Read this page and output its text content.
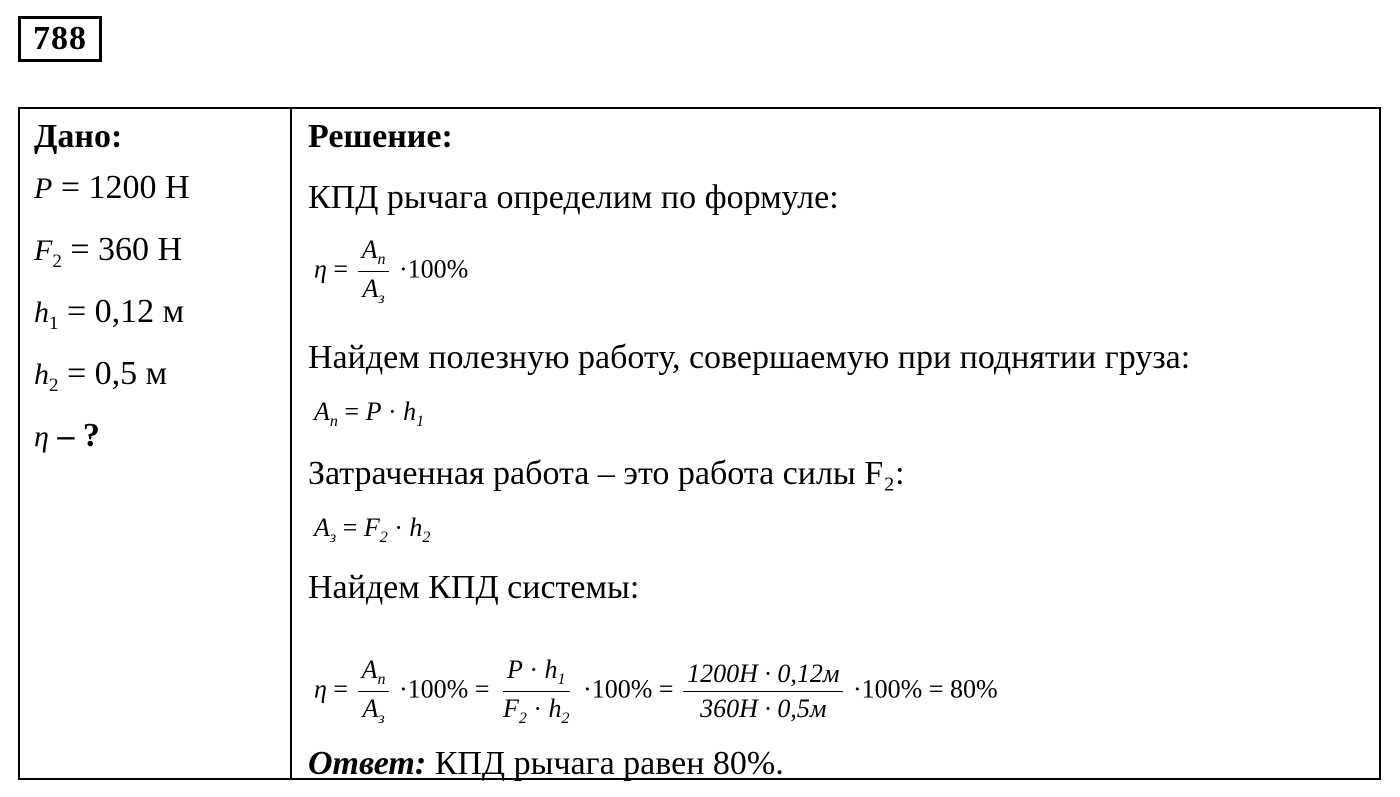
788
Дано:
P = 1200 Н
$F_2 = 360$ Н
$h_1 = 0,12$ м
$h_2 = 0,5$ м
η – ?
Решение:
КПД рычага определим по формуле:
$\eta = \frac{A_п}{A_з} \cdot 100\%$
Найдем полезную работу, совершаемую при поднятии груза:
$A_п = P \cdot h_1$
Затраченная работа – это работа силы F₂:
$A_з = F_2 \cdot h_2$
Найдем КПД системы:
$\eta = \frac{A_п}{A_з} \cdot 100\% = \frac{P \cdot h_1}{F_2 \cdot h_2} \cdot 100\% = \frac{1200H \cdot 0,12м}{360H \cdot 0,5м} \cdot 100\% = 80\%$
Ответ: КПД рычага равен 80%.
